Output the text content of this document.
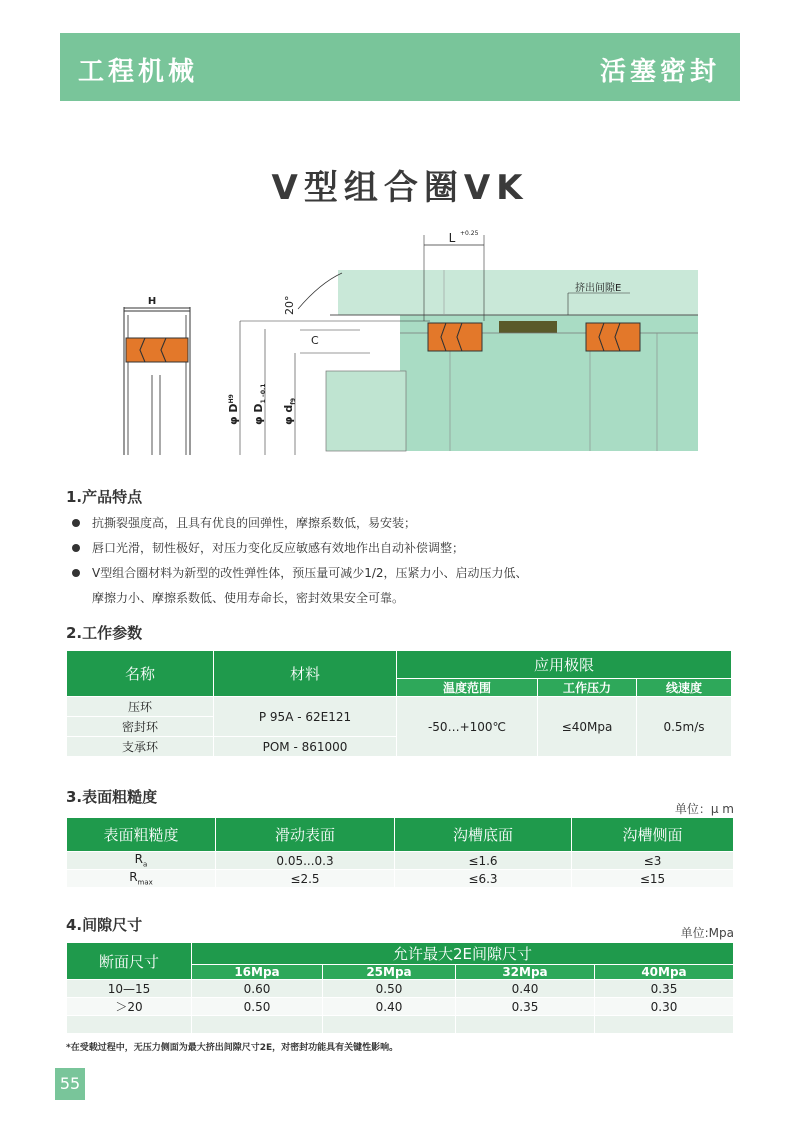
工程机械	活塞密封
V型组合圈VK
H
L +0.25
C
20°
φ $D^{H9}$
φ $D_{1 -0.1}$
φ $d_{f9}$
挤出间隙E
1.产品特点
抗撕裂强度高，且具有优良的回弹性，摩擦系数低，易安装；
唇口光滑，韧性极好，对压力变化反应敏感有效地作出自动补偿调整；
V型组合圈材料为新型的改性弹性体，预压量可减少1/2，压紧力小、启动压力低、
摩擦力小、摩擦系数低、使用寿命长，密封效果安全可靠。
2.工作参数
名称	材料	应用极限		
		温度范围	工作压力	线速度
压环	P 95A - 62E121	-50…+100℃	≤40Mpa	0.5m/s
密封环				
支承环	POM - 861000			
3.表面粗糙度
单位：μ m
表面粗糙度	滑动表面	沟槽底面	沟槽侧面
$R_a$	0.05...0.3	≤1.6	≤3
$R_{max}$	≤2.5	≤6.3	≤15
4.间隙尺寸	单位:Mpa
断面尺寸	允许最大2E间隙尺寸			
	16Mpa	25Mpa	32Mpa	40Mpa
10—15	0.60	0.50	0.40	0.35
＞20	0.50	0.40	0.35	0.30

*在受载过程中，无压力侧面为最大挤出间隙尺寸2E，对密封功能具有关键性影响。
55
